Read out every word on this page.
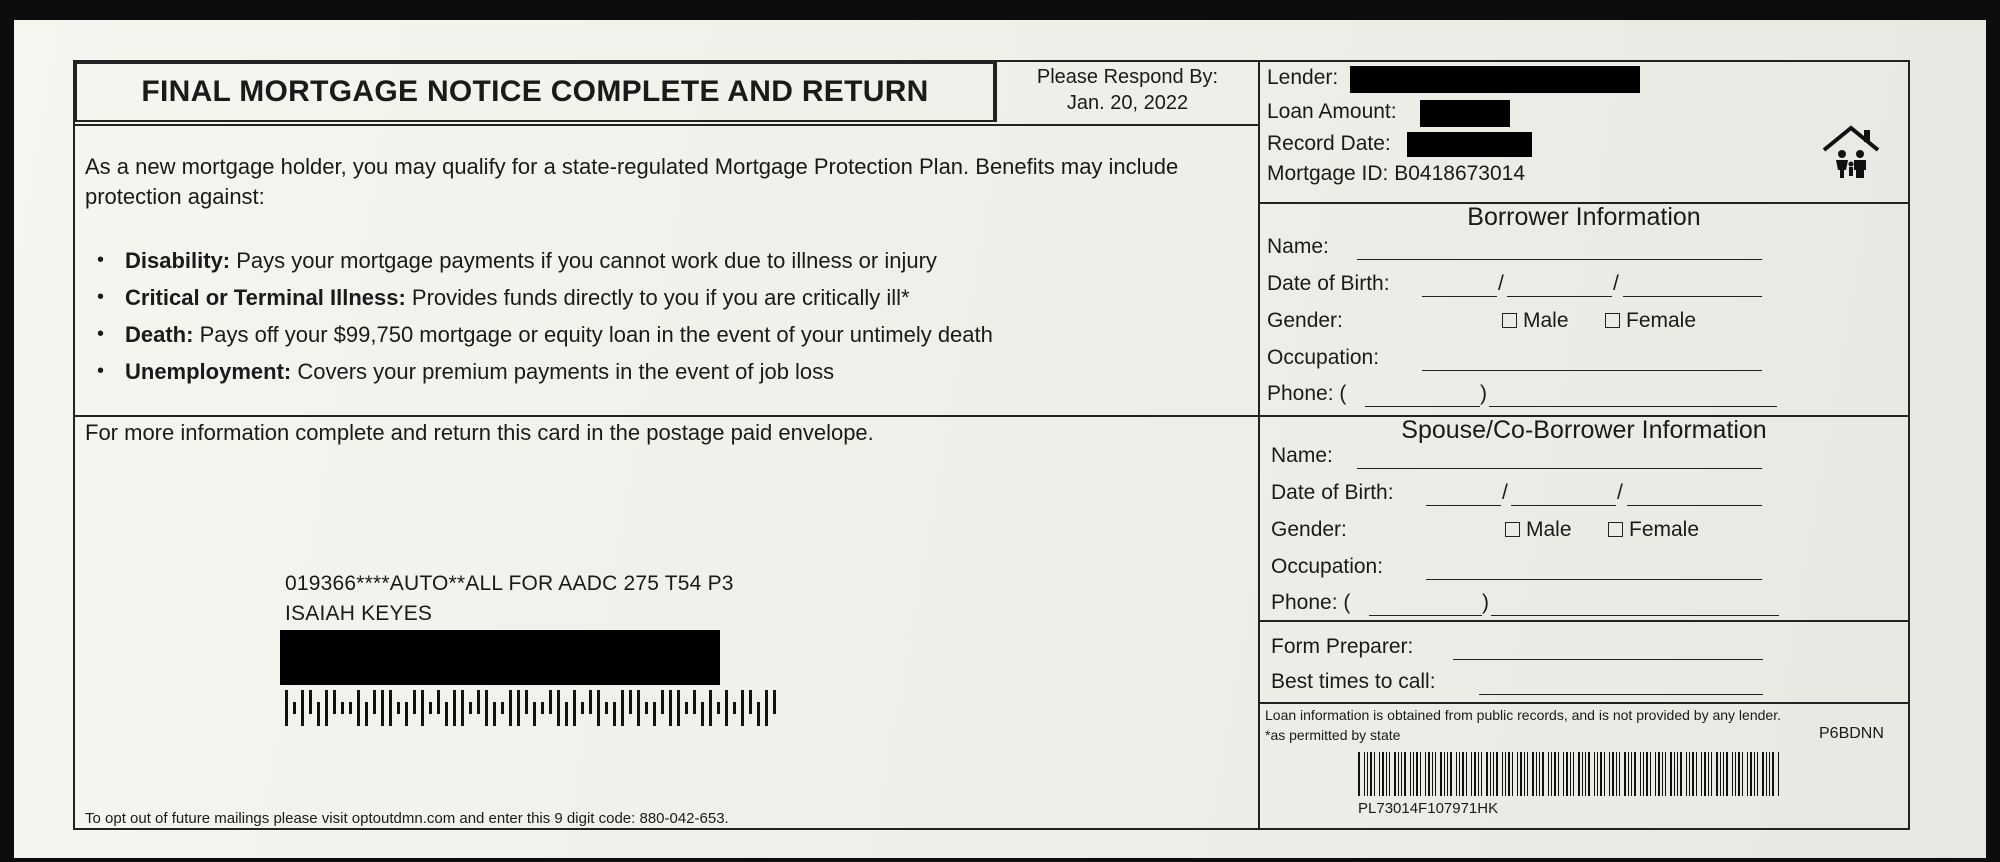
FINAL MORTGAGE NOTICE COMPLETE AND RETURN	Please Respond By:
Jan. 20, 2022
As a new mortgage holder, you may qualify for a state-regulated Mortgage Protection Plan. Benefits may include protection against:
• Disability: Pays your mortgage payments if you cannot work due to illness or injury
• Critical or Terminal Illness: Provides funds directly to you if you are critically ill*
• Death: Pays off your $99,750 mortgage or equity loan in the event of your untimely death
• Unemployment: Covers your premium payments in the event of job loss
For more information complete and return this card in the postage paid envelope.
019366****AUTO**ALL FOR AADC 275 T54 P3
ISAIAH KEYES
To opt out of future mailings please visit optoutdmn.com and enter this 9 digit code: 880-042-653.
Lender:
Loan Amount:
Record Date:
Mortgage ID: B0418673014
Borrower Information
Name:
Date of Birth:	/	/
Gender:	Male	Female
Occupation:
Phone: (	)
Spouse/Co-Borrower Information
Name:
Date of Birth:	/	/
Gender:	Male	Female
Occupation:
Phone: (	)
Form Preparer:
Best times to call:
Loan information is obtained from public records, and is not provided by any lender.
*as permitted by state	P6BDNN
PL73014F107971HK
